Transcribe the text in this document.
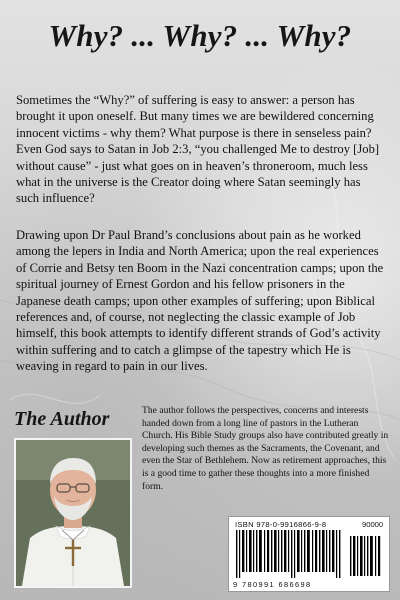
Why? ... Why? ... Why?

Sometimes the “Why?” of suffering is easy to answer: a person has brought it upon oneself. But many times we are bewildered concerning innocent victims - why them? What purpose is there in senseless pain? Even God says to Satan in Job 2:3, “you challenged Me to destroy [Job] without cause” - just what goes on in heaven’s throneroom, much less what in the universe is the Creator doing where Satan seemingly has such influence?

Drawing upon Dr Paul Brand’s conclusions about pain as he worked among the lepers in India and North America; upon the real experiences of Corrie and Betsy ten Boom in the Nazi concentration camps; upon the spiritual journey of Ernest Gordon and his fellow prisoners in the Japanese death camps; upon other examples of suffering; upon Biblical references and, of course, not neglecting the classic example of Job himself, this book attempts to identify different strands of God’s activity within suffering and to catch a glimpse of the tapestry which He is weaving in regard to pain in our lives.

The Author	The author follows the perspectives, concerns and interests handed down from a long line of pastors in the Lutheran Church. His Bible Study groups also have contributed greatly in developing such themes as the Sacraments, the Covenant, and even the Star of Bethlehem. Now as retirement approaches, this is a good time to gather these thoughts into a more finished form.

ISBN 978-0-9916866-9-8	90000
9 780991 686698
